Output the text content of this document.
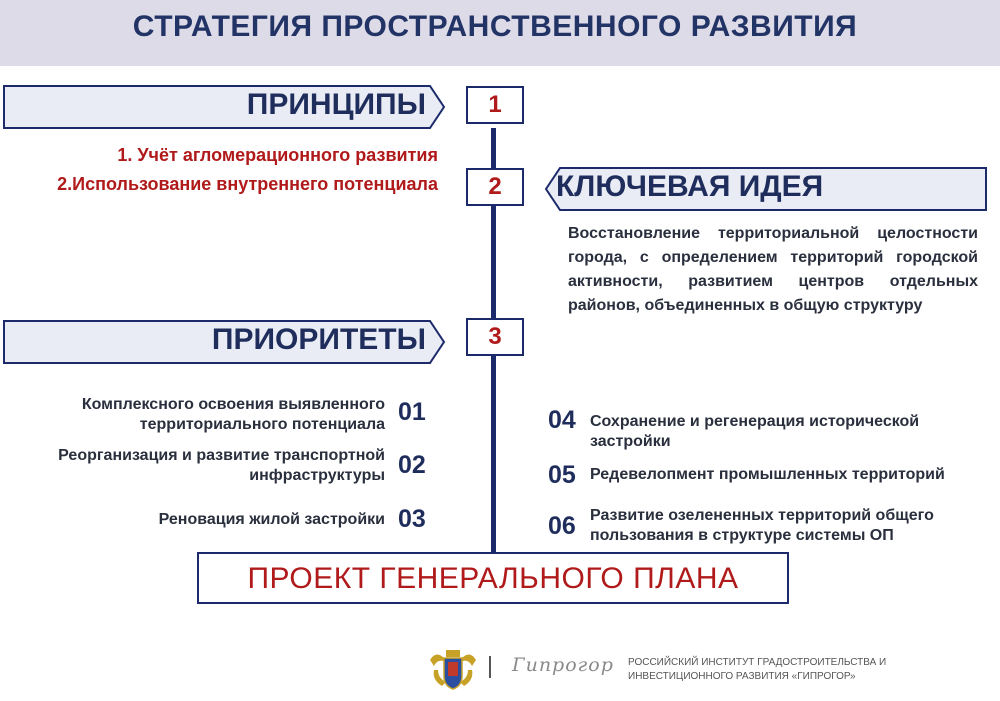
СТРАТЕГИЯ ПРОСТРАНСТВЕННОГО РАЗВИТИЯ
ПРИНЦИПЫ	1
1. Учёт агломерационного развития
2.Использование внутреннего потенциала	2	КЛЮЧЕВАЯ ИДЕЯ
Восстановление территориальной целостности города, с определением территорий городской активности, развитием центров отдельных районов, объединенных в общую структуру
ПРИОРИТЕТЫ	3
Комплексного освоения выявленного территориального потенциала 01
Реорганизация и развитие транспортной инфраструктуры 02
Реновация жилой застройки 03
04 Сохранение и регенерация исторической застройки
05 Редевелопмент промышленных территорий
06 Развитие озелененных территорий общего пользования в структуре системы ОП
ПРОЕКТ ГЕНЕРАЛЬНОГО ПЛАНА
Гипрогор РОССИЙСКИЙ ИНСТИТУТ ГРАДОСТРОИТЕЛЬСТВА И
ИНВЕСТИЦИОННОГО РАЗВИТИЯ «ГИПРОГОР»
